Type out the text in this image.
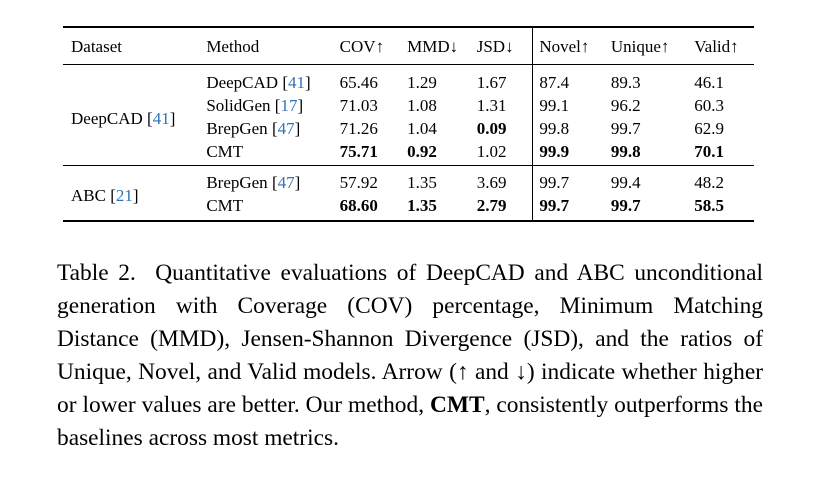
Dataset	Method	COV↑	MMD↓	JSD↓	Novel↑	Unique↑	Valid↑
DeepCAD [41]	DeepCAD [41]	65.46	1.29	1.67	87.4	89.3	46.1
	SolidGen [17]	71.03	1.08	1.31	99.1	96.2	60.3
	BrepGen [47]	71.26	1.04	0.09	99.8	99.7	62.9
	CMT	75.71	0.92	1.02	99.9	99.8	70.1
ABC [21]	BrepGen [47]	57.92	1.35	3.69	99.7	99.4	48.2
	CMT	68.60	1.35	2.79	99.7	99.7	58.5
Table 2. Quantitative evaluations of DeepCAD and ABC unconditional generation with Coverage (COV) percentage, Minimum Matching Distance (MMD), Jensen-Shannon Divergence (JSD), and the ratios of Unique, Novel, and Valid models. Arrow (↑ and ↓) indicate whether higher or lower values are better. Our method, CMT, consistently outperforms the baselines across most metrics.
